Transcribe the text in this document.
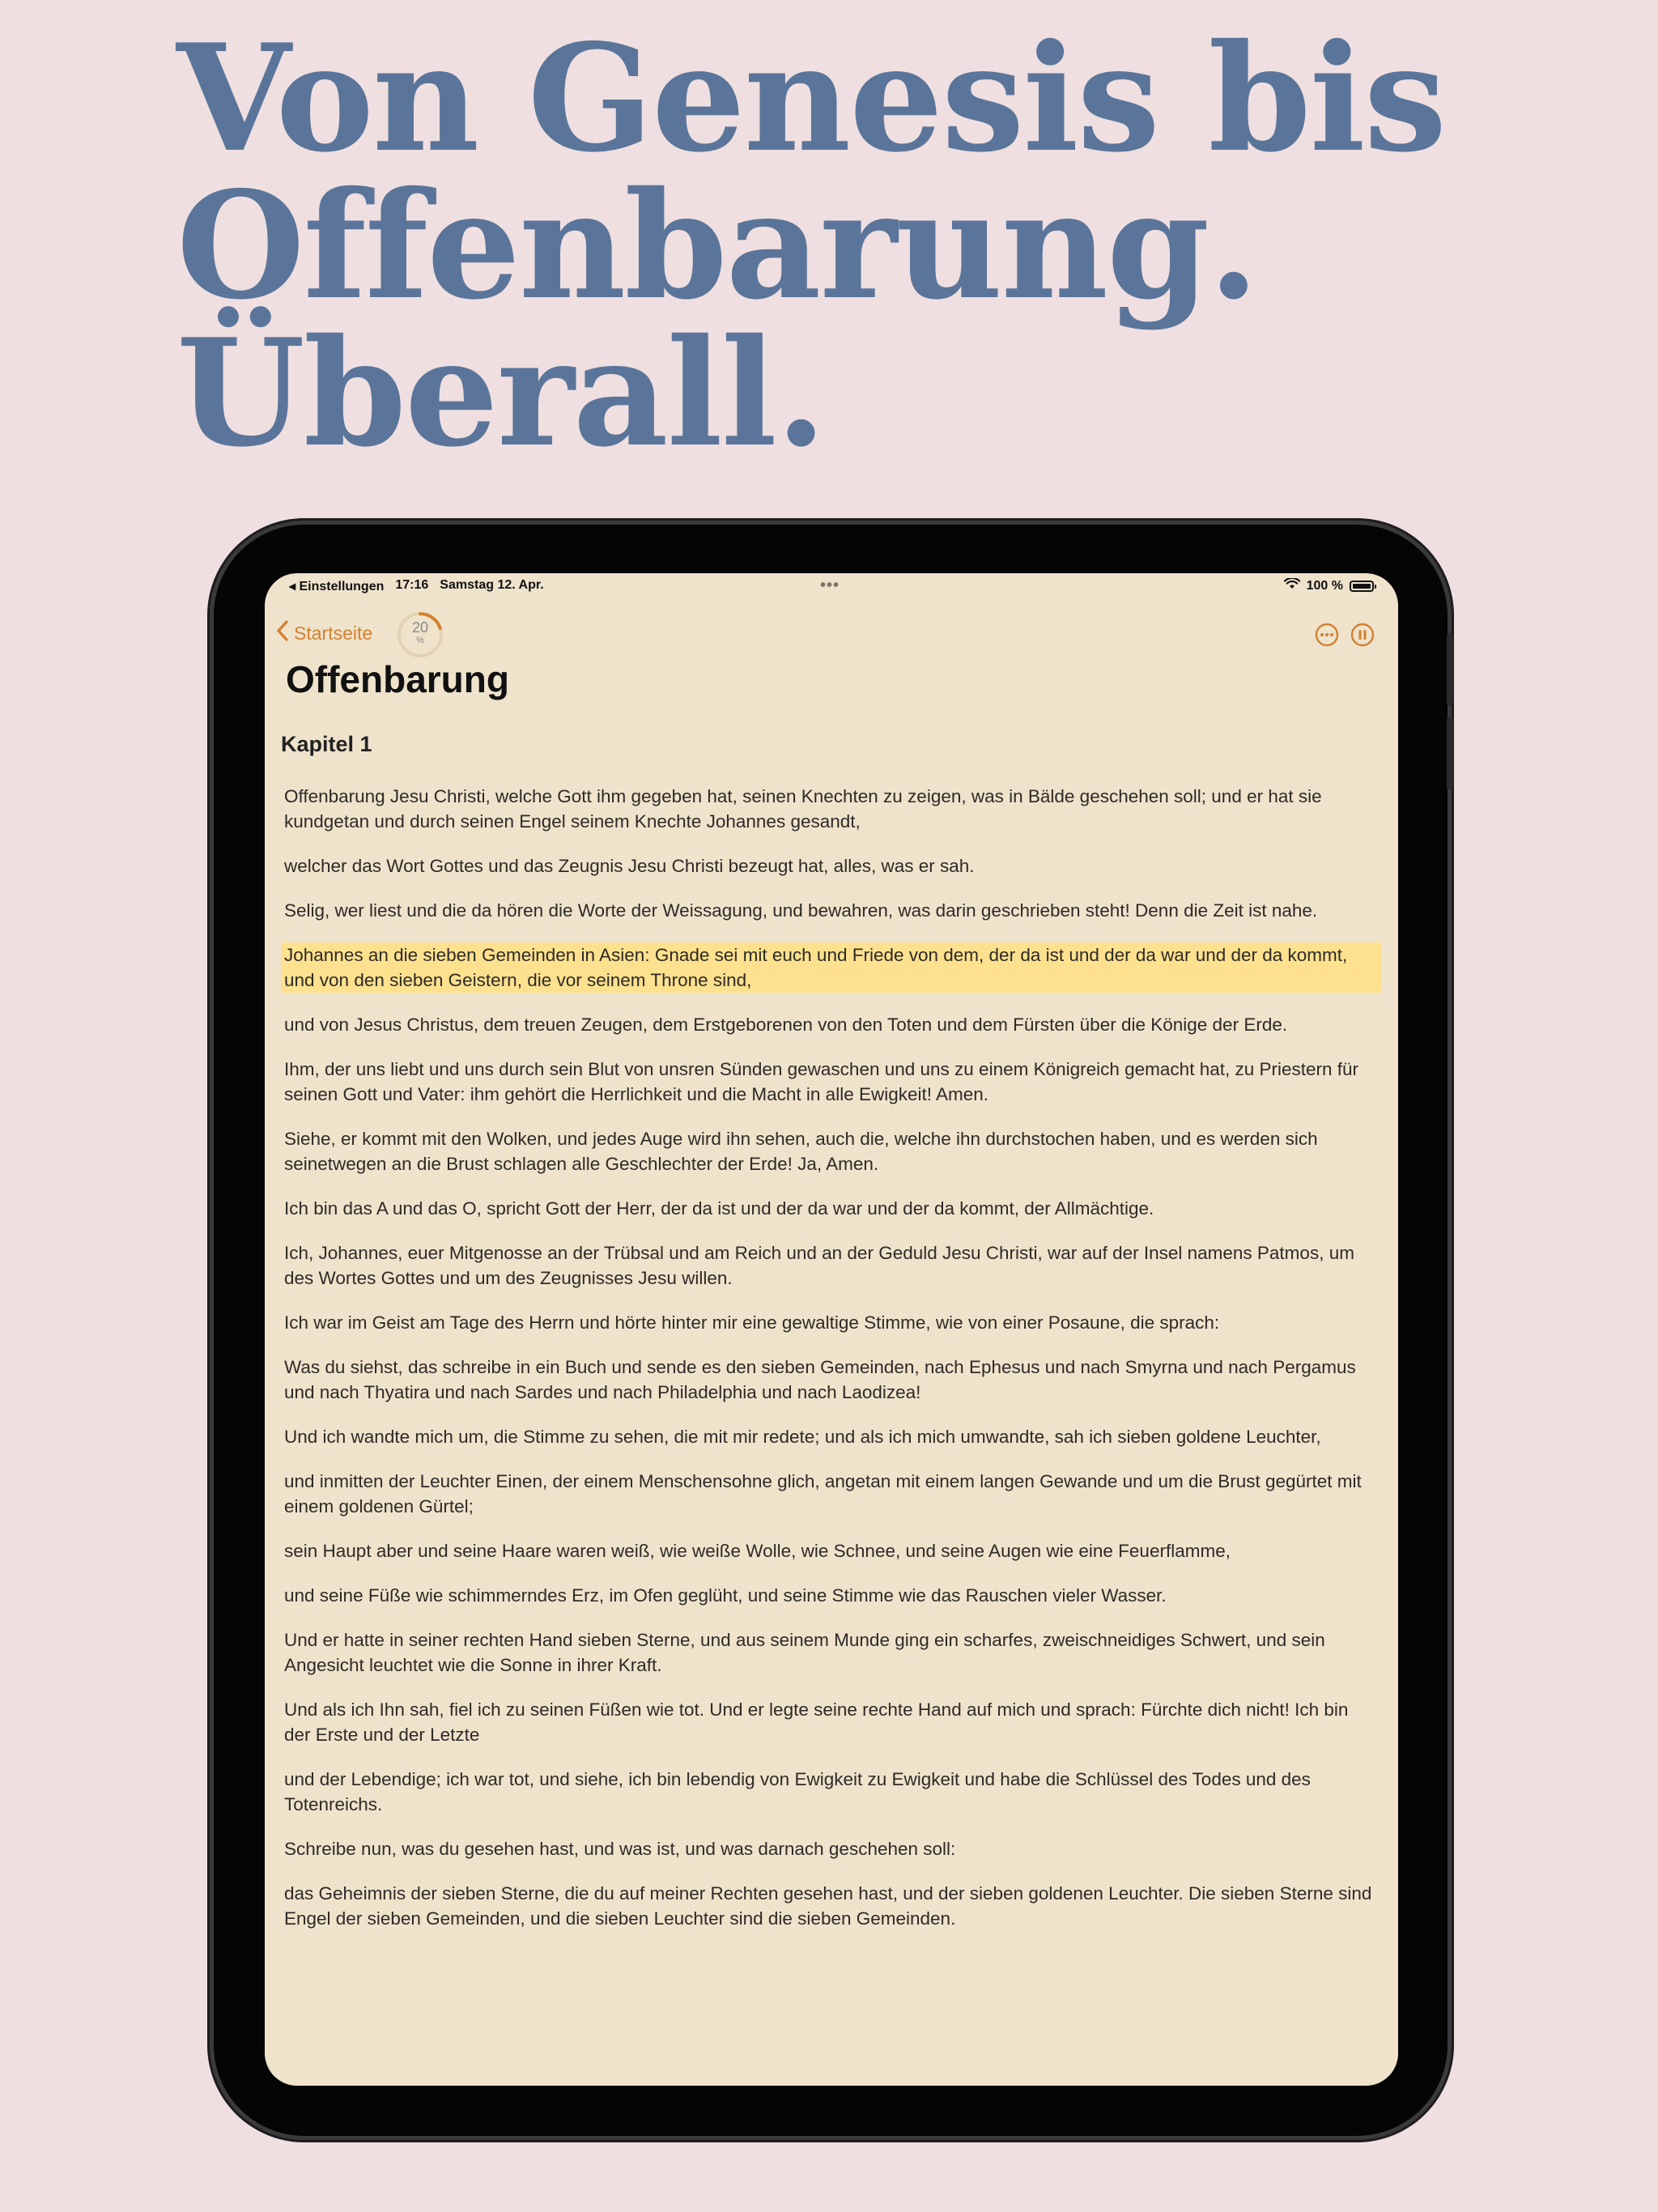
Von Genesis bis
Offenbarung.
Überall.
◂ Einstellungen 17:16 Samstag 12. Apr.	•••	100 %
Startseite	20
%
Offenbarung
Kapitel 1

Offenbarung Jesu Christi, welche Gott ihm gegeben hat, seinen Knechten zu zeigen, was in Bälde geschehen soll; und er hat sie kundgetan und durch seinen Engel seinem Knechte Johannes gesandt,

welcher das Wort Gottes und das Zeugnis Jesu Christi bezeugt hat, alles, was er sah.

Selig, wer liest und die da hören die Worte der Weissagung, und bewahren, was darin geschrieben steht! Denn die Zeit ist nahe.

Johannes an die sieben Gemeinden in Asien: Gnade sei mit euch und Friede von dem, der da ist und der da war und der da kommt, und von den sieben Geistern, die vor seinem Throne sind,

und von Jesus Christus, dem treuen Zeugen, dem Erstgeborenen von den Toten und dem Fürsten über die Könige der Erde.

Ihm, der uns liebt und uns durch sein Blut von unsren Sünden gewaschen und uns zu einem Königreich gemacht hat, zu Priestern für seinen Gott und Vater: ihm gehört die Herrlichkeit und die Macht in alle Ewigkeit! Amen.

Siehe, er kommt mit den Wolken, und jedes Auge wird ihn sehen, auch die, welche ihn durchstochen haben, und es werden sich seinetwegen an die Brust schlagen alle Geschlechter der Erde! Ja, Amen.

Ich bin das A und das O, spricht Gott der Herr, der da ist und der da war und der da kommt, der Allmächtige.

Ich, Johannes, euer Mitgenosse an der Trübsal und am Reich und an der Geduld Jesu Christi, war auf der Insel namens Patmos, um des Wortes Gottes und um des Zeugnisses Jesu willen.

Ich war im Geist am Tage des Herrn und hörte hinter mir eine gewaltige Stimme, wie von einer Posaune, die sprach:

Was du siehst, das schreibe in ein Buch und sende es den sieben Gemeinden, nach Ephesus und nach Smyrna und nach Pergamus und nach Thyatira und nach Sardes und nach Philadelphia und nach Laodizea!

Und ich wandte mich um, die Stimme zu sehen, die mit mir redete; und als ich mich umwandte, sah ich sieben goldene Leuchter,

und inmitten der Leuchter Einen, der einem Menschensohne glich, angetan mit einem langen Gewande und um die Brust gegürtet mit einem goldenen Gürtel;

sein Haupt aber und seine Haare waren weiß, wie weiße Wolle, wie Schnee, und seine Augen wie eine Feuerflamme,

und seine Füße wie schimmerndes Erz, im Ofen geglüht, und seine Stimme wie das Rauschen vieler Wasser.

Und er hatte in seiner rechten Hand sieben Sterne, und aus seinem Munde ging ein scharfes, zweischneidiges Schwert, und sein Angesicht leuchtet wie die Sonne in ihrer Kraft.

Und als ich Ihn sah, fiel ich zu seinen Füßen wie tot. Und er legte seine rechte Hand auf mich und sprach: Fürchte dich nicht! Ich bin der Erste und der Letzte

und der Lebendige; ich war tot, und siehe, ich bin lebendig von Ewigkeit zu Ewigkeit und habe die Schlüssel des Todes und des Totenreichs.

Schreibe nun, was du gesehen hast, und was ist, und was darnach geschehen soll:

das Geheimnis der sieben Sterne, die du auf meiner Rechten gesehen hast, und der sieben goldenen Leuchter. Die sieben Sterne sind Engel der sieben Gemeinden, und die sieben Leuchter sind die sieben Gemeinden.
